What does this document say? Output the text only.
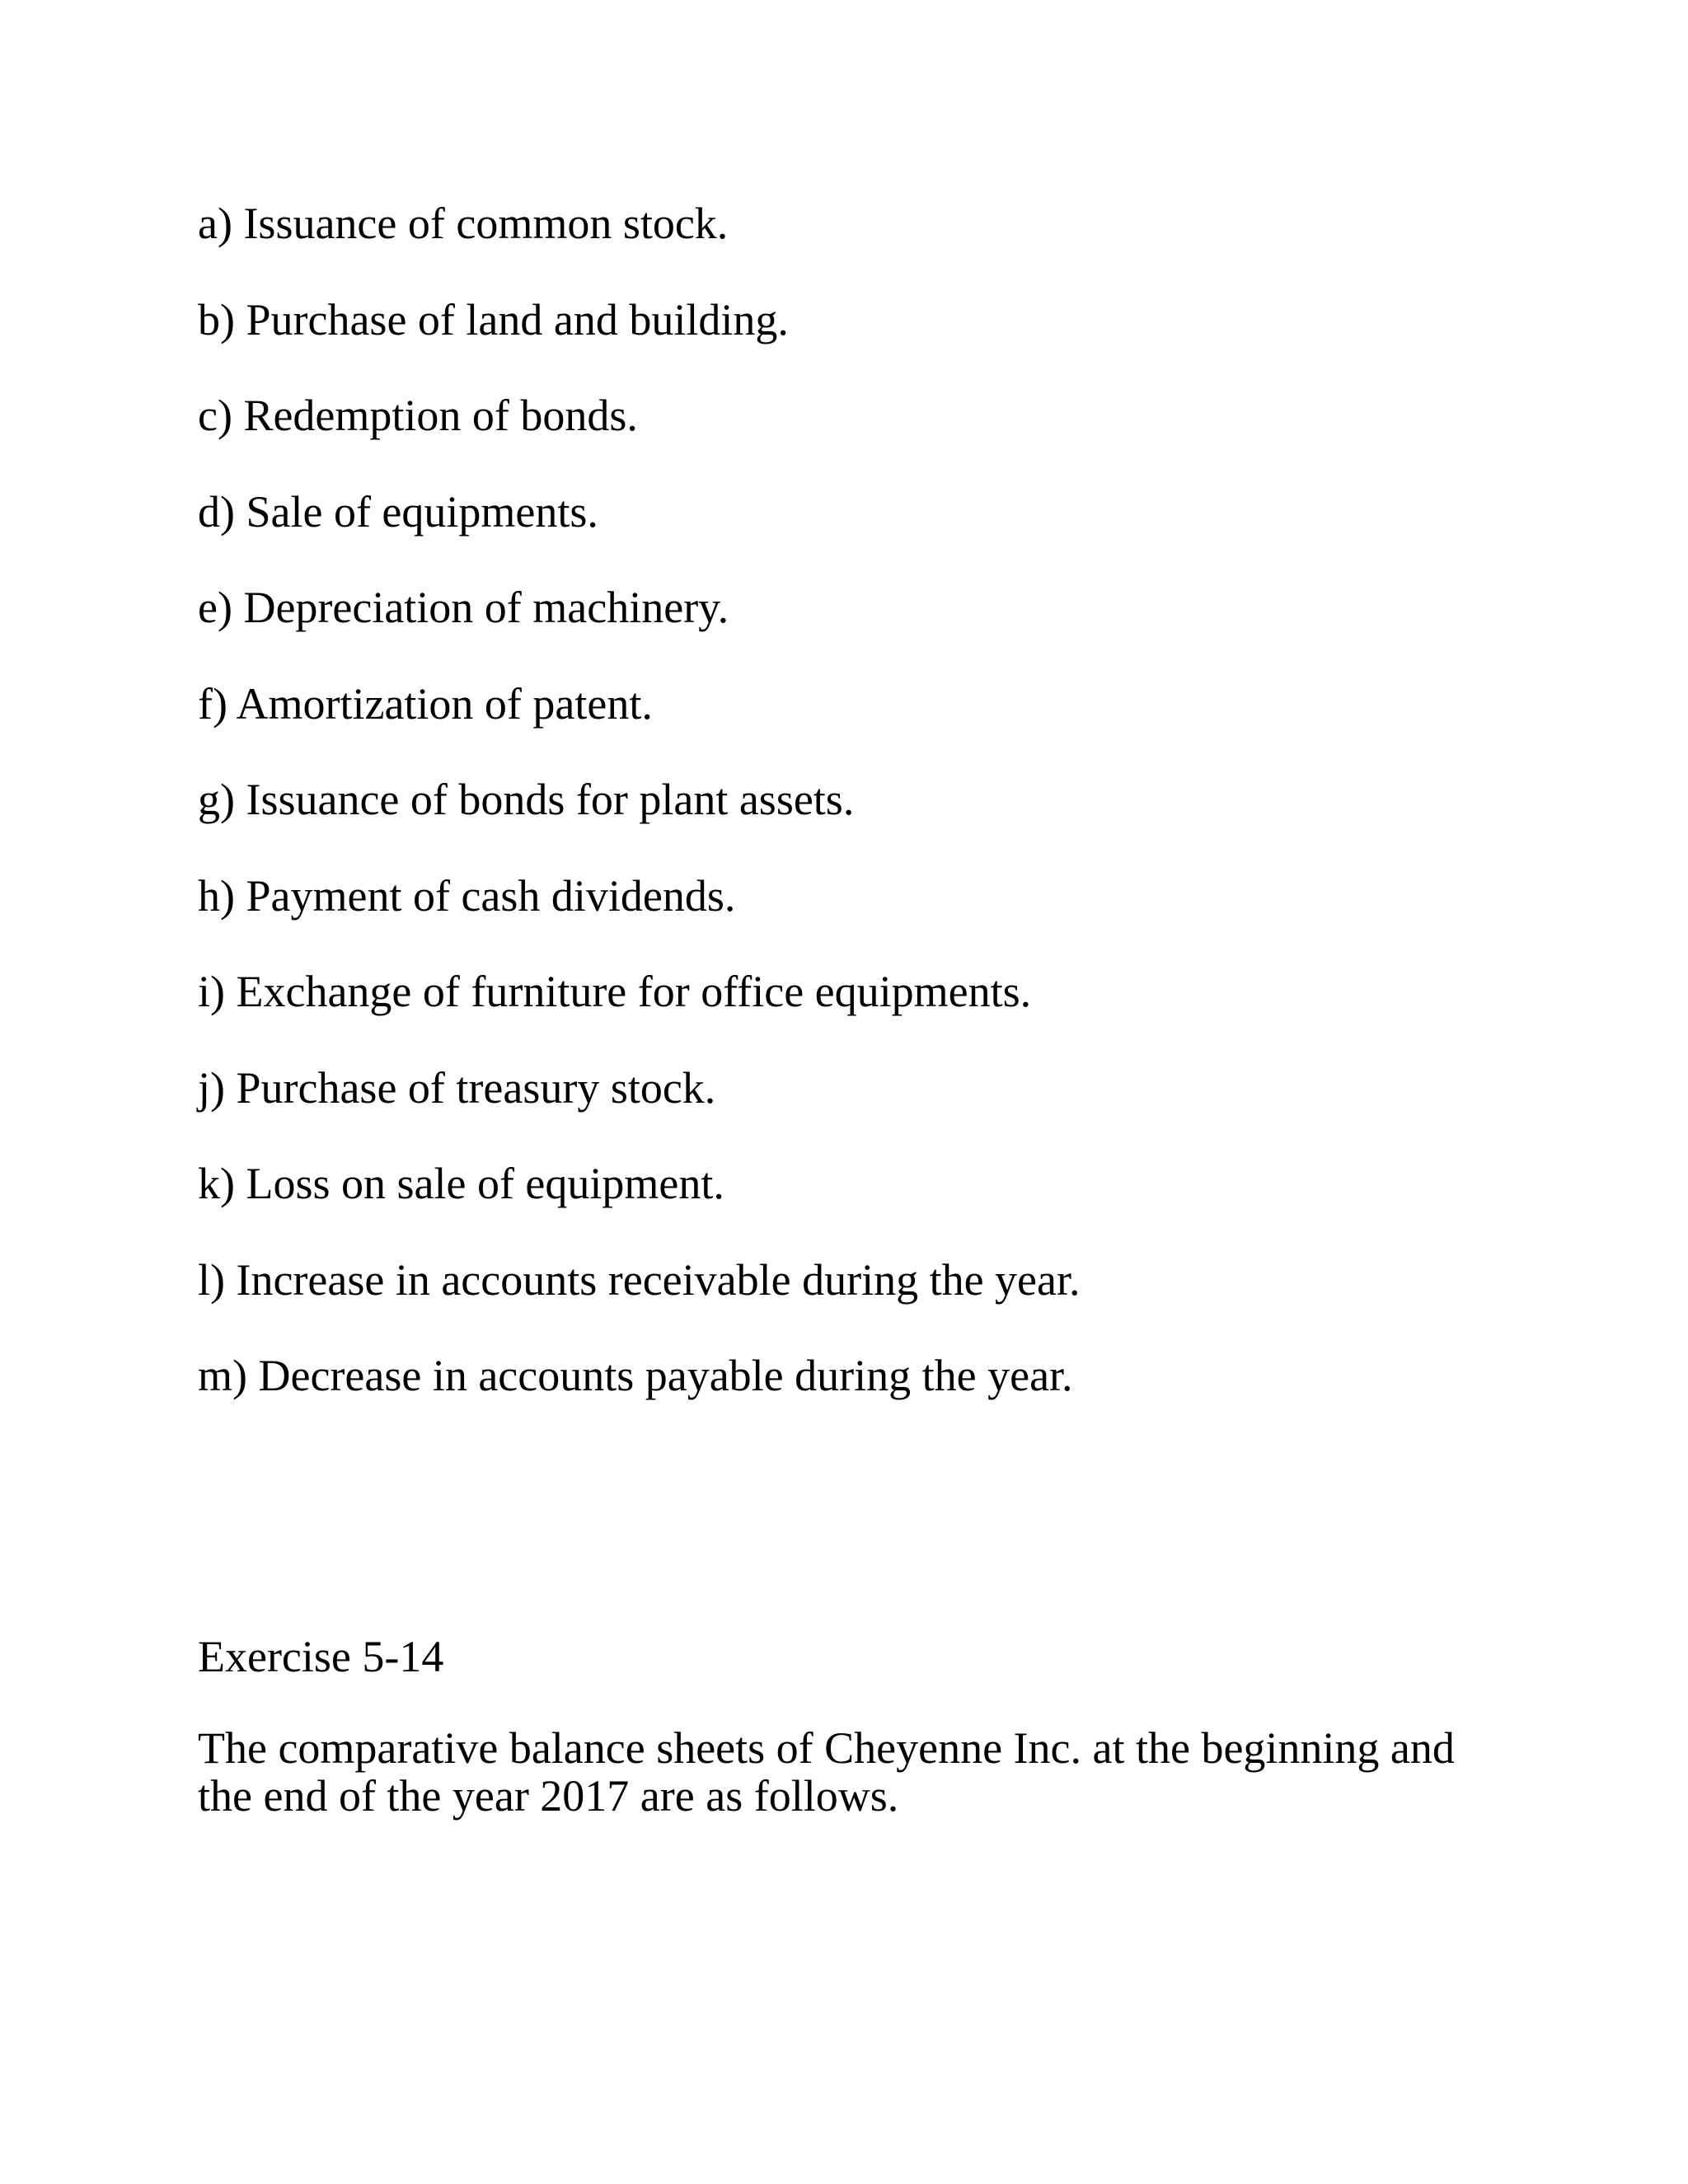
a) Issuance of common stock.
b) Purchase of land and building.
c) Redemption of bonds.
d) Sale of equipments.
e) Depreciation of machinery.
f) Amortization of patent.
g) Issuance of bonds for plant assets.
h) Payment of cash dividends.
i) Exchange of furniture for office equipments.
j) Purchase of treasury stock.
k) Loss on sale of equipment.
l) Increase in accounts receivable during the year.
m) Decrease in accounts payable during the year.
Exercise 5-14

The comparative balance sheets of Cheyenne Inc. at the beginning and
the end of the year 2017 are as follows.
